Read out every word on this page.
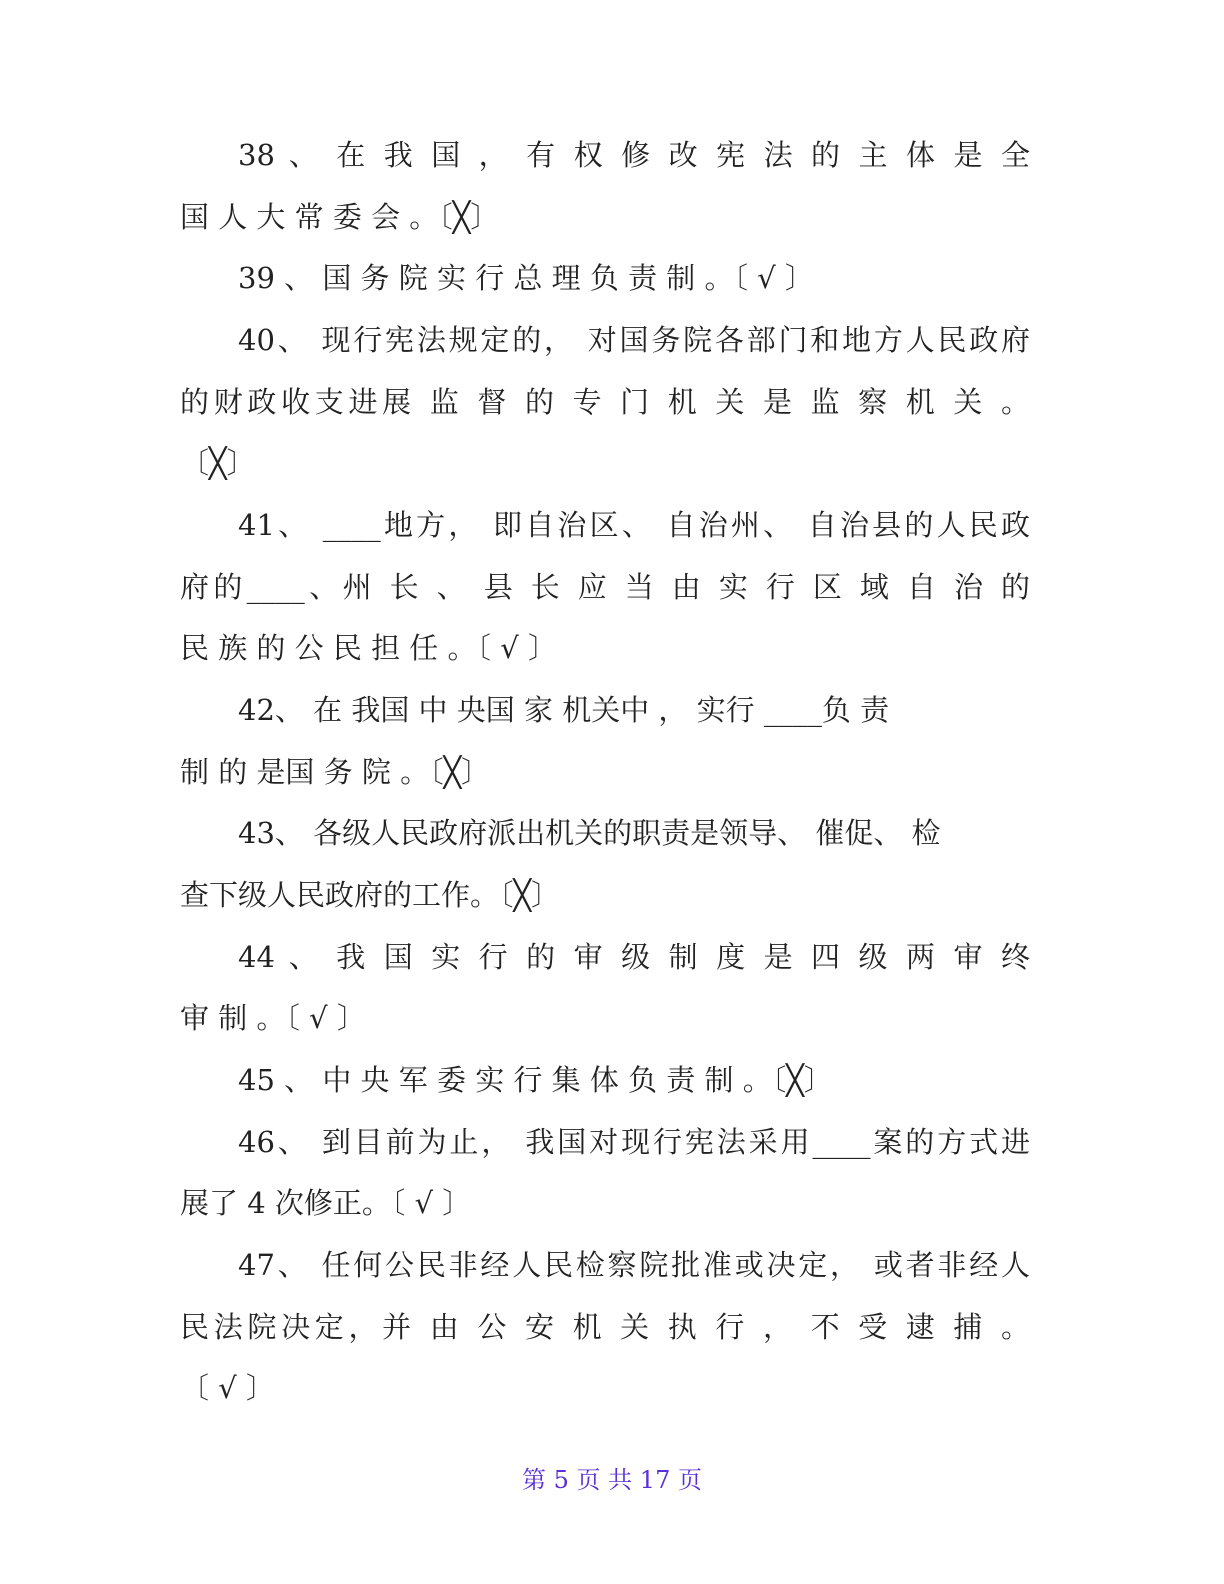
38 、 在 我 国 ， 有 权 修 改 宪 法 的 主 体 是 全
国 人 大 常 委 会 。〔╳〕
39 、 国 务 院 实 行 总 理 负 责 制 。〔 √ 〕
40、 现行宪法规定的， 对国务院各部门和地方人民政府
的财政收支进展 监 督 的 专 门 机 关 是 监 察 机 关 。
〔╳〕
41、 ____地方， 即自治区、 自治州、 自治县的人民政
府的____、州 长 、 县 长 应 当 由 实 行 区 域 自 治 的
民 族 的 公 民 担 任 。〔 √ 〕
42、 在 我国 中 央国 家 机关中 ， 实行 ____负 责
制 的 是国 务 院 。〔╳〕
43、 各级人民政府派出机关的职责是领导、 催促、 检
查下级人民政府的工作。〔╳〕
44 、 我 国 实 行 的 审 级 制 度 是 四 级 两 审 终
审 制 。〔 √ 〕
45 、 中 央 军 委 实 行 集 体 负 责 制 。〔╳〕
46、 到目前为止， 我国对现行宪法采用____案的方式进
展了 4 次修正。〔 √ 〕
47、 任何公民非经人民检察院批准或决定， 或者非经人
民法院决定，并 由 公 安 机 关 执 行 ， 不 受 逮 捕 。
〔 √ 〕
第 5 页 共 17 页
